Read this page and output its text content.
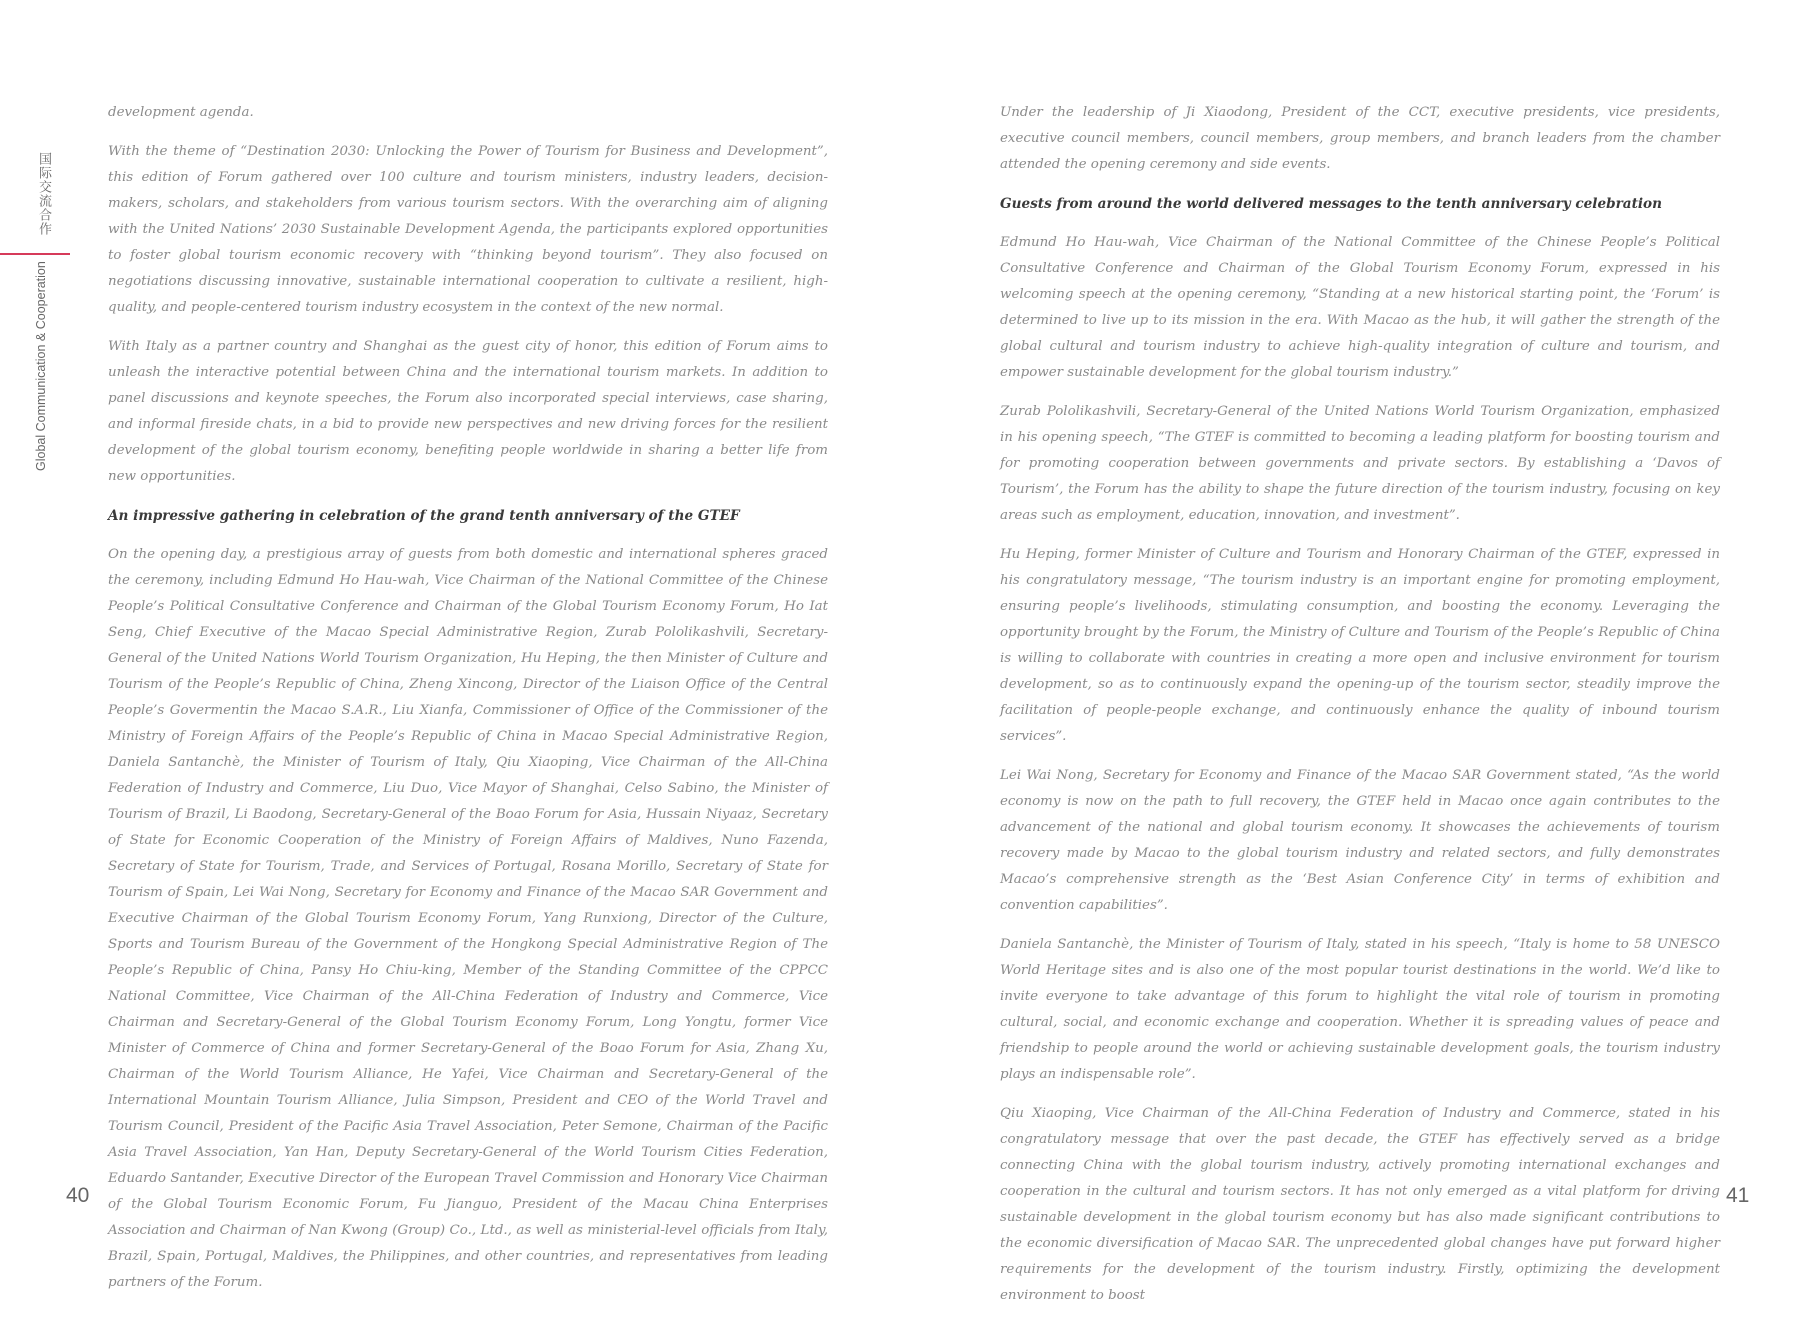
国际交流合作
Global Communication & Cooperation

development agenda.

With the theme of “Destination 2030: Unlocking the Power of Tourism for Business and Development”, this edition of Forum gathered over 100 culture and tourism ministers, industry leaders, decision-makers, scholars, and stakeholders from various tourism sectors. With the overarching aim of aligning with the United Nations’ 2030 Sustainable Development Agenda, the participants explored opportunities to foster global tourism economic recovery with “thinking beyond tourism”. They also focused on negotiations discussing innovative, sustainable international cooperation to cultivate a resilient, high-quality, and people-centered tourism industry ecosystem in the context of the new normal.

With Italy as a partner country and Shanghai as the guest city of honor, this edition of Forum aims to unleash the interactive potential between China and the international tourism markets. In addition to panel discussions and keynote speeches, the Forum also incorporated special interviews, case sharing, and informal fireside chats, in a bid to provide new perspectives and new driving forces for the resilient development of the global tourism economy, benefiting people worldwide in sharing a better life from new opportunities.

An impressive gathering in celebration of the grand tenth anniversary of the GTEF

On the opening day, a prestigious array of guests from both domestic and international spheres graced the ceremony, including Edmund Ho Hau-wah, Vice Chairman of the National Committee of the Chinese People’s Political Consultative Conference and Chairman of the Global Tourism Economy Forum, Ho Iat Seng, Chief Executive of the Macao Special Administrative Region, Zurab Pololikashvili, Secretary-General of the United Nations World Tourism Organization, Hu Heping, the then Minister of Culture and Tourism of the People’s Republic of China, Zheng Xincong, Director of the Liaison Office of the Central People’s Govermentin the Macao S.A.R., Liu Xianfa, Commissioner of Office of the Commissioner of the Ministry of Foreign Affairs of the People’s Republic of China in Macao Special Administrative Region, Daniela Santanchè, the Minister of Tourism of Italy, Qiu Xiaoping, Vice Chairman of the All-China Federation of Industry and Commerce, Liu Duo, Vice Mayor of Shanghai, Celso Sabino, the Minister of Tourism of Brazil, Li Baodong, Secretary-General of the Boao Forum for Asia, Hussain Niyaaz, Secretary of State for Economic Cooperation of the Ministry of Foreign Affairs of Maldives, Nuno Fazenda, Secretary of State for Tourism, Trade, and Services of Portugal, Rosana Morillo, Secretary of State for Tourism of Spain, Lei Wai Nong, Secretary for Economy and Finance of the Macao SAR Government and Executive Chairman of the Global Tourism Economy Forum, Yang Runxiong, Director of the Culture, Sports and Tourism Bureau of the Government of the Hongkong Special Administrative Region of The People’s Republic of China, Pansy Ho Chiu-king, Member of the Standing Committee of the CPPCC National Committee, Vice Chairman of the All-China Federation of Industry and Commerce, Vice Chairman and Secretary-General of the Global Tourism Economy Forum, Long Yongtu, former Vice Minister of Commerce of China and former Secretary-General of the Boao Forum for Asia, Zhang Xu, Chairman of the World Tourism Alliance, He Yafei, Vice Chairman and Secretary-General of the International Mountain Tourism Alliance, Julia Simpson, President and CEO of the World Travel and Tourism Council, President of the Pacific Asia Travel Association, Peter Semone, Chairman of the Pacific Asia Travel Association, Yan Han, Deputy Secretary-General of the World Tourism Cities Federation, Eduardo Santander, Executive Director of the European Travel Commission and Honorary Vice Chairman of the Global Tourism Economic Forum, Fu Jianguo, President of the Macau China Enterprises Association and Chairman of Nan Kwong (Group) Co., Ltd., as well as ministerial-level officials from Italy, Brazil, Spain, Portugal, Maldives, the Philippines, and other countries, and representatives from leading partners of the Forum.

Under the leadership of Ji Xiaodong, President of the CCT, executive presidents, vice presidents, executive council members, council members, group members, and branch leaders from the chamber attended the opening ceremony and side events.

Guests from around the world delivered messages to the tenth anniversary celebration

Edmund Ho Hau-wah, Vice Chairman of the National Committee of the Chinese People’s Political Consultative Conference and Chairman of the Global Tourism Economy Forum, expressed in his welcoming speech at the opening ceremony, “Standing at a new historical starting point, the ‘Forum’ is determined to live up to its mission in the era. With Macao as the hub, it will gather the strength of the global cultural and tourism industry to achieve high-quality integration of culture and tourism, and empower sustainable development for the global tourism industry.”

Zurab Pololikashvili, Secretary-General of the United Nations World Tourism Organization, emphasized in his opening speech, “The GTEF is committed to becoming a leading platform for boosting tourism and for promoting cooperation between governments and private sectors. By establishing a ‘Davos of Tourism’, the Forum has the ability to shape the future direction of the tourism industry, focusing on key areas such as employment, education, innovation, and investment”.

Hu Heping, former Minister of Culture and Tourism and Honorary Chairman of the GTEF, expressed in his congratulatory message, “The tourism industry is an important engine for promoting employment, ensuring people’s livelihoods, stimulating consumption, and boosting the economy. Leveraging the opportunity brought by the Forum, the Ministry of Culture and Tourism of the People’s Republic of China is willing to collaborate with countries in creating a more open and inclusive environment for tourism development, so as to continuously expand the opening-up of the tourism sector, steadily improve the facilitation of people-people exchange, and continuously enhance the quality of inbound tourism services”.

Lei Wai Nong, Secretary for Economy and Finance of the Macao SAR Government stated, “As the world economy is now on the path to full recovery, the GTEF held in Macao once again contributes to the advancement of the national and global tourism economy. It showcases the achievements of tourism recovery made by Macao to the global tourism industry and related sectors, and fully demonstrates Macao’s comprehensive strength as the ‘Best Asian Conference City’ in terms of exhibition and convention capabilities”.

Daniela Santanchè, the Minister of Tourism of Italy, stated in his speech, “Italy is home to 58 UNESCO World Heritage sites and is also one of the most popular tourist destinations in the world. We’d like to invite everyone to take advantage of this forum to highlight the vital role of tourism in promoting cultural, social, and economic exchange and cooperation. Whether it is spreading values of peace and friendship to people around the world or achieving sustainable development goals, the tourism industry plays an indispensable role”.

Qiu Xiaoping, Vice Chairman of the All-China Federation of Industry and Commerce, stated in his congratulatory message that over the past decade, the GTEF has effectively served as a bridge connecting China with the global tourism industry, actively promoting international exchanges and cooperation in the cultural and tourism sectors. It has not only emerged as a vital platform for driving sustainable development in the global tourism economy but has also made significant contributions to the economic diversification of Macao SAR. The unprecedented global changes have put forward higher requirements for the development of the tourism industry. Firstly, optimizing the development environment to boost

40	41
